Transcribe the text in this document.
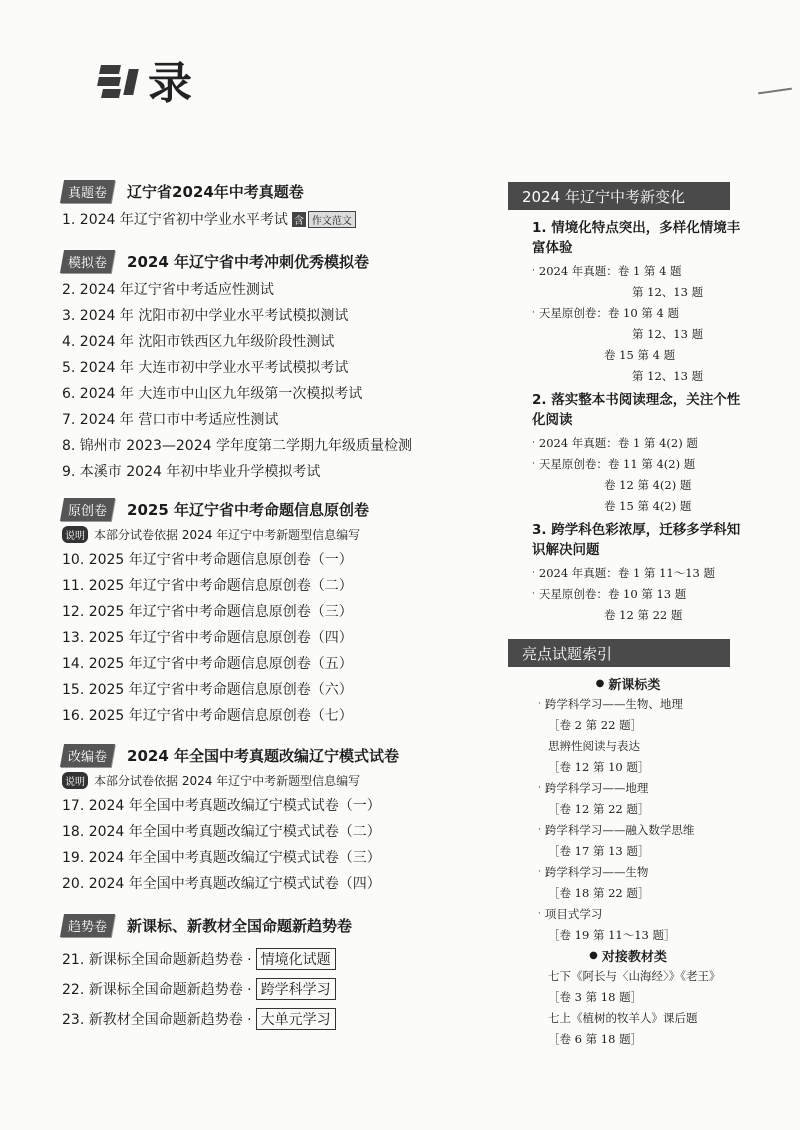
录
真题卷	辽宁省2024年中考真题卷
1. 2024 年辽宁省初中学业水平考试 含 作文范文
模拟卷	2024 年辽宁省中考冲刺优秀模拟卷
2. 2024 年辽宁省中考适应性测试
3. 2024 年 沈阳市初中学业水平考试模拟测试
4. 2024 年 沈阳市铁西区九年级阶段性测试
5. 2024 年 大连市初中学业水平考试模拟考试
6. 2024 年 大连市中山区九年级第一次模拟考试
7. 2024 年 营口市中考适应性测试
8. 锦州市 2023—2024 学年度第二学期九年级质量检测
9. 本溪市 2024 年初中毕业升学模拟考试
原创卷	2025 年辽宁省中考命题信息原创卷
说明 本部分试卷依据 2024 年辽宁中考新题型信息编写
10. 2025 年辽宁省中考命题信息原创卷（一）
11. 2025 年辽宁省中考命题信息原创卷（二）
12. 2025 年辽宁省中考命题信息原创卷（三）
13. 2025 年辽宁省中考命题信息原创卷（四）
14. 2025 年辽宁省中考命题信息原创卷（五）
15. 2025 年辽宁省中考命题信息原创卷（六）
16. 2025 年辽宁省中考命题信息原创卷（七）
改编卷	2024 年全国中考真题改编辽宁模式试卷
说明 本部分试卷依据 2024 年辽宁中考新题型信息编写
17. 2024 年全国中考真题改编辽宁模式试卷（一）
18. 2024 年全国中考真题改编辽宁模式试卷（二）
19. 2024 年全国中考真题改编辽宁模式试卷（三）
20. 2024 年全国中考真题改编辽宁模式试卷（四）
趋势卷	新课标、新教材全国命题新趋势卷
21. 新课标全国命题新趋势卷 · 情境化试题
22. 新课标全国命题新趋势卷 · 跨学科学习
23. 新教材全国命题新趋势卷 · 大单元学习
2024 年辽宁中考新变化
1. 情境化特点突出，多样化情境丰富体验
· 2024 年真题：卷 1 第 4 题
第 12、13 题
· 天星原创卷：卷 10 第 4 题
第 12、13 题
卷 15 第 4 题
第 12、13 题
2. 落实整本书阅读理念，关注个性化阅读
· 2024 年真题：卷 1 第 4(2) 题
· 天星原创卷：卷 11 第 4(2) 题
卷 12 第 4(2) 题
卷 15 第 4(2) 题
3. 跨学科色彩浓厚，迁移多学科知识解决问题
· 2024 年真题：卷 1 第 11～13 题
· 天星原创卷：卷 10 第 13 题
卷 12 第 22 题
亮点试题索引
● 新课标类
· 跨学科学习——生物、地理
［卷 2 第 22 题］
思辨性阅读与表达
［卷 12 第 10 题］
· 跨学科学习——地理
［卷 12 第 22 题］
· 跨学科学习——融入数学思维
［卷 17 第 13 题］
· 跨学科学习——生物
［卷 18 第 22 题］
· 项目式学习
［卷 19 第 11～13 题］
● 对接教材类
七下《阿长与〈山海经〉》《老王》
［卷 3 第 18 题］
七上《植树的牧羊人》课后题
［卷 6 第 18 题］
